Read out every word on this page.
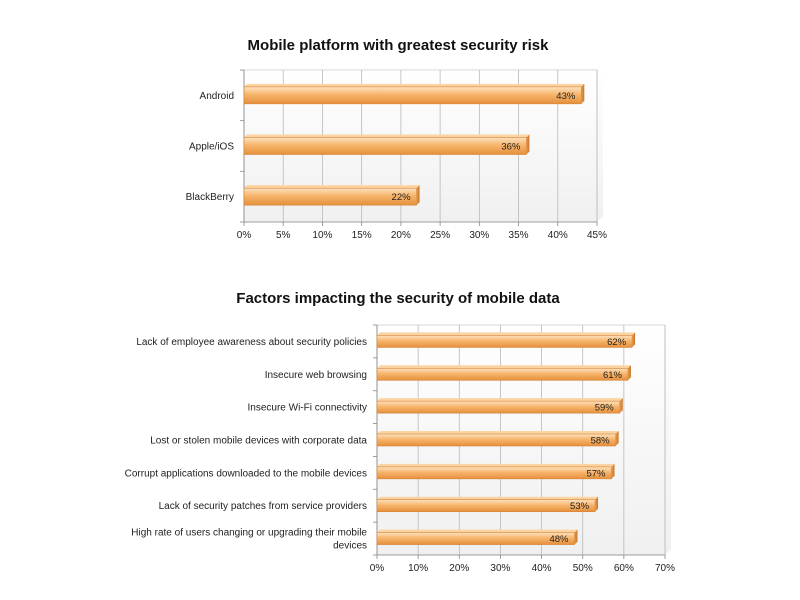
Mobile platform with greatest security risk
0% 5% 10% 15% 20% 25% 30% 35% 40% 45%
43%
Android
36%
Apple/iOS
22%
BlackBerry
Factors impacting the security of mobile data
0% 10% 20% 30% 40% 50% 60% 70%
62%
Lack of employee awareness about security policies
61%
Insecure web browsing
59%
Insecure Wi-Fi connectivity
58%
Lost or stolen mobile devices with corporate data
57%
Corrupt applications downloaded to the mobile devices
53%
Lack of security patches from service providers
48%
High rate of users changing or upgrading their mobile
devices
